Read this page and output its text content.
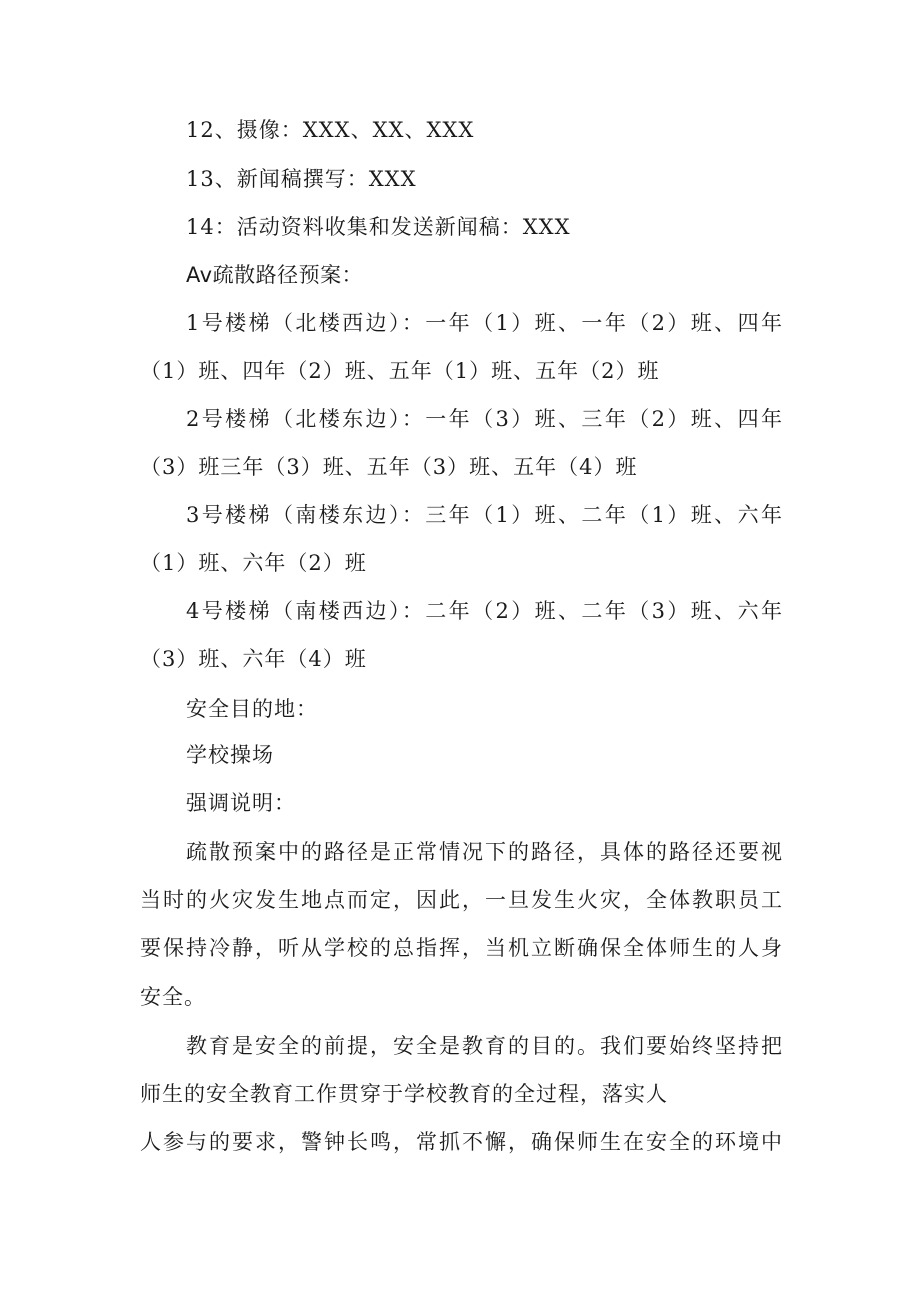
12、摄像：XXX、XX、XXX
13、新闻稿撰写：XXX
14：活动资料收集和发送新闻稿：XXX
Av疏散路径预案：
1号楼梯（北楼西边）：一年（1）班、一年（2）班、四年
（1）班、四年（2）班、五年（1）班、五年（2）班
2号楼梯（北楼东边）：一年（3）班、三年（2）班、四年
（3）班三年（3）班、五年（3）班、五年（4）班
3号楼梯（南楼东边）：三年（1）班、二年（1）班、六年
（1）班、六年（2）班
4号楼梯（南楼西边）：二年（2）班、二年（3）班、六年
（3）班、六年（4）班
安全目的地：
学校操场
强调说明：
疏散预案中的路径是正常情况下的路径，具体的路径还要视
当时的火灾发生地点而定，因此，一旦发生火灾，全体教职员工
要保持冷静，听从学校的总指挥，当机立断确保全体师生的人身
安全。
教育是安全的前提，安全是教育的目的。我们要始终坚持把
师生的安全教育工作贯穿于学校教育的全过程，落实人
人参与的要求，警钟长鸣，常抓不懈，确保师生在安全的环境中
